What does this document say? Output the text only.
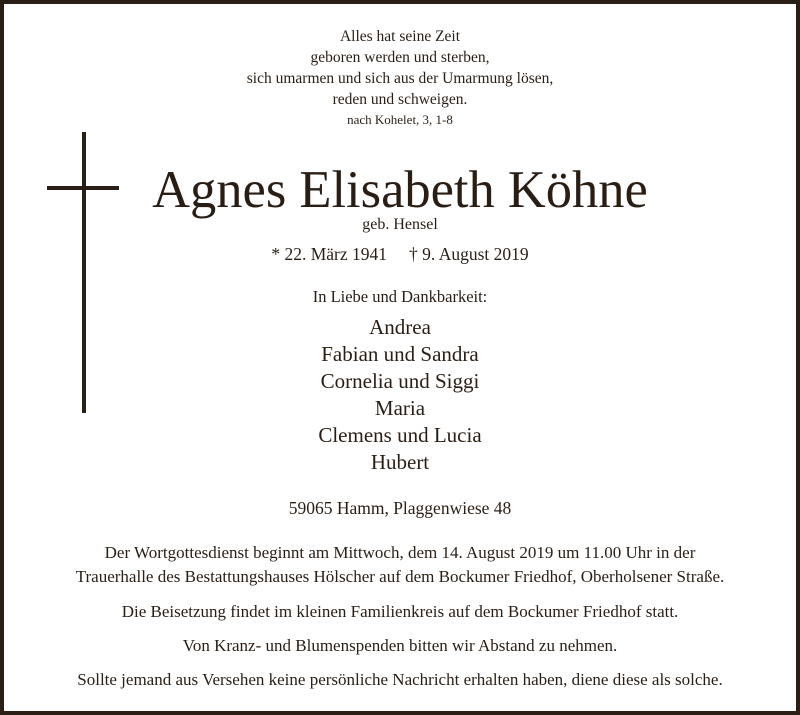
Alles hat seine Zeit
geboren werden und sterben,
sich umarmen und sich aus der Umarmung lösen,
reden und schweigen.
nach Kohelet, 3, 1-8
Agnes Elisabeth Köhne
geb. Hensel
* 22. März 1941 † 9. August 2019
In Liebe und Dankbarkeit:
Andrea
Fabian und Sandra
Cornelia und Siggi
Maria
Clemens und Lucia
Hubert
59065 Hamm, Plaggenwiese 48
Der Wortgottesdienst beginnt am Mittwoch, dem 14. August 2019 um 11.00 Uhr in der
Trauerhalle des Bestattungshauses Hölscher auf dem Bockumer Friedhof, Oberholsener Straße.
Die Beisetzung findet im kleinen Familienkreis auf dem Bockumer Friedhof statt.
Von Kranz- und Blumenspenden bitten wir Abstand zu nehmen.
Sollte jemand aus Versehen keine persönliche Nachricht erhalten haben, diene diese als solche.
